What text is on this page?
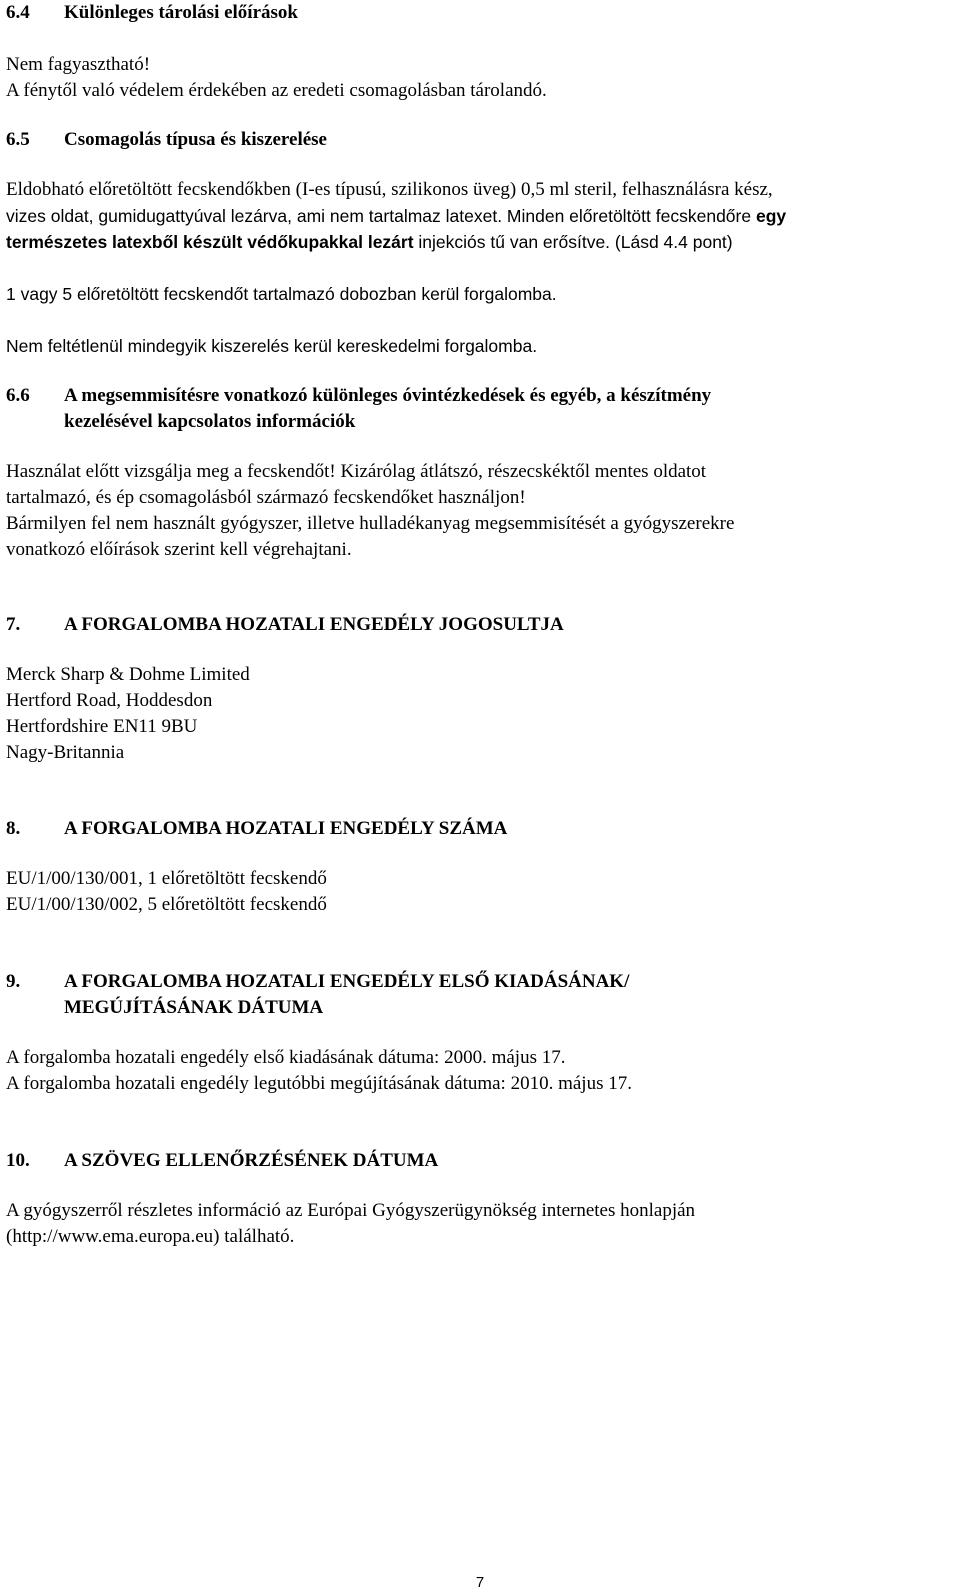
6.4	Különleges tárolási előírások

Nem fagyasztható!

A fénytől való védelem érdekében az eredeti csomagolásban tárolandó.

6.5	Csomagolás típusa és kiszerelése

Eldobható előretöltött fecskendőkben (I-es típusú, szilikonos üveg) 0,5 ml steril, felhasználásra kész,

vizes oldat, gumidugattyúval lezárva, ami nem tartalmaz latexet. Minden előretöltött fecskendőre egy

természetes latexből készült védőkupakkal lezárt injekciós tű van erősítve. (Lásd 4.4 pont)

1 vagy 5 előretöltött fecskendőt tartalmazó dobozban kerül forgalomba.

Nem feltétlenül mindegyik kiszerelés kerül kereskedelmi forgalomba.

6.6	A megsemmisítésre vonatkozó különleges óvintézkedések és egyéb, a készítmény
kezelésével kapcsolatos információk

Használat előtt vizsgálja meg a fecskendőt! Kizárólag átlátszó, részecskéktől mentes oldatot

tartalmazó, és ép csomagolásból származó fecskendőket használjon!

Bármilyen fel nem használt gyógyszer, illetve hulladékanyag megsemmisítését a gyógyszerekre

vonatkozó előírások szerint kell végrehajtani.

7.	A FORGALOMBA HOZATALI ENGEDÉLY JOGOSULTJA

Merck Sharp & Dohme Limited

Hertford Road, Hoddesdon

Hertfordshire EN11 9BU

Nagy-Britannia

8.	A FORGALOMBA HOZATALI ENGEDÉLY SZÁMA

EU/1/00/130/001, 1 előretöltött fecskendő

EU/1/00/130/002, 5 előretöltött fecskendő

9.	A FORGALOMBA HOZATALI ENGEDÉLY ELSŐ KIADÁSÁNAK/
MEGÚJÍTÁSÁNAK DÁTUMA

A forgalomba hozatali engedély első kiadásának dátuma: 2000. május 17.

A forgalomba hozatali engedély legutóbbi megújításának dátuma: 2010. május 17.

10.	A SZÖVEG ELLENŐRZÉSÉNEK DÁTUMA

A gyógyszerről részletes információ az Európai Gyógyszerügynökség internetes honlapján

(http://www.ema.europa.eu) található.

7
